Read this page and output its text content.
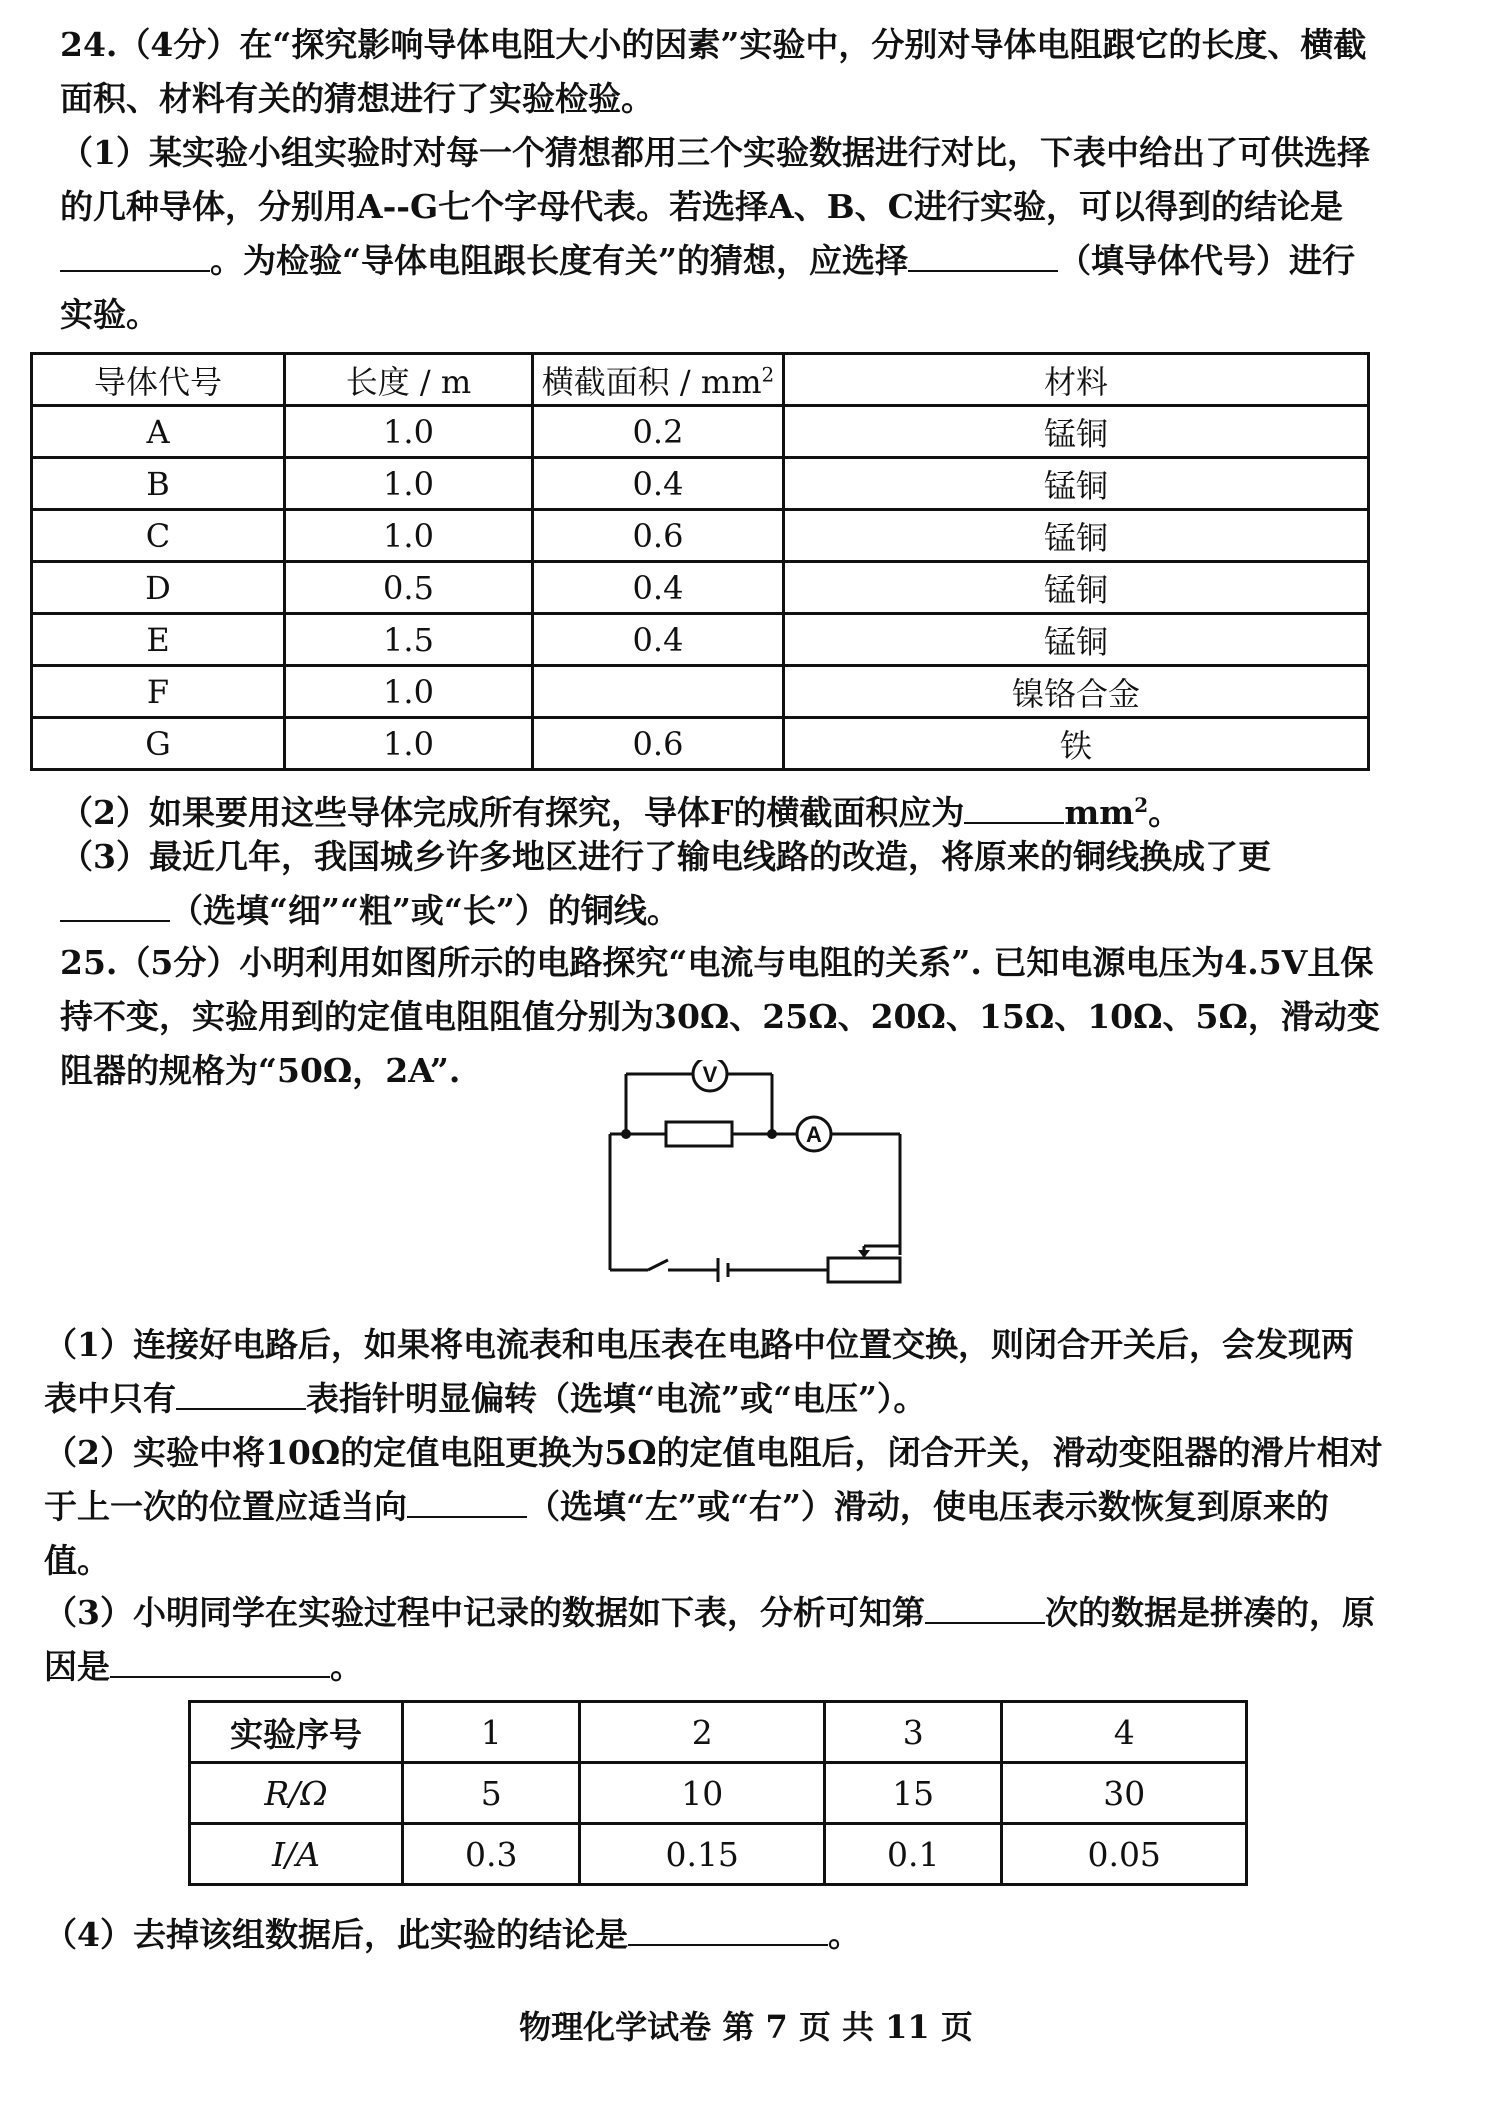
24.（4分）在“探究影响导体电阻大小的因素”实验中，分别对导体电阻跟它的长度、横截面积、材料有关的猜想进行了实验检验。
（1）某实验小组实验时对每一个猜想都用三个实验数据进行对比，下表中给出了可供选择的几种导体，分别用A--G七个字母代表。若选择A、B、C进行实验，可以得到的结论是。为检验“导体电阻跟长度有关”的猜想，应选择	（填导体代号）进行实验。
导体代号	长度 / m	横截面积 / $mm^2$	材料
A	1.0	0.2	锰铜
B	1.0	0.4	锰铜
C	1.0	0.6	锰铜
D	0.5	0.4	锰铜
E	1.5	0.4	锰铜
F	1.0		镍铬合金
G	1.0	0.6	铁
（2）如果要用这些导体完成所有探究，导体F的横截面积应为	$mm^2$。
（3）最近几年，我国城乡许多地区进行了输电线路的改造，将原来的铜线换成了更（选填“细”“粗”或“长”）的铜线。
25.（5分）小明利用如图所示的电路探究“电流与电阻的关系”. 已知电源电压为4.5V且保持不变，实验用到的定值电阻阻值分别为30Ω、25Ω、20Ω、15Ω、10Ω、5Ω，滑动变阻器的规格为“50Ω，2A”.	V
A
（1）连接好电路后，如果将电流表和电压表在电路中位置交换，则闭合开关后，会发现两表中只有	表指针明显偏转（选填“电流”或“电压”）。
（2）实验中将10Ω的定值电阻更换为5Ω的定值电阻后，闭合开关，滑动变阻器的滑片相对于上一次的位置应适当向	（选填“左”或“右”）滑动，使电压表示数恢复到原来的值。
（3）小明同学在实验过程中记录的数据如下表，分析可知第	次的数据是拼凑的，原因是	。
实验序号	1	2	3	4
R/Ω	5	10	15	30
I/A	0.3	0.15	0.1	0.05
（4）去掉该组数据后，此实验的结论是	。
物理化学试卷 第 7 页 共 11 页
